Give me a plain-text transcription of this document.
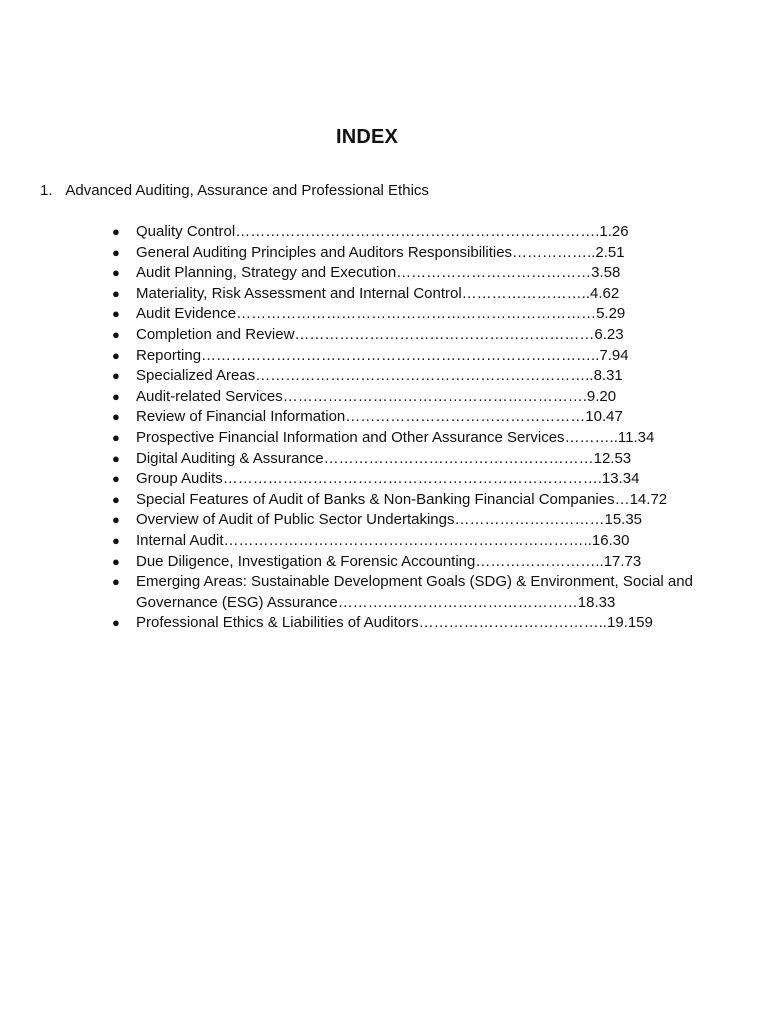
INDEX
1. Advanced Auditing, Assurance and Professional Ethics
● Quality Control……………………………………………………………….1.26
● General Auditing Principles and Auditors Responsibilities……………..2.51
● Audit Planning, Strategy and Execution…………………………………3.58
● Materiality, Risk Assessment and Internal Control……………………..4.62
● Audit Evidence………………………………………………………………5.29
● Completion and Review……………………………………………………6.23
● Reporting……………………………………………………………………..7.94
● Specialized Areas…………………………………………………………..8.31
● Audit-related Services…………………………………………………….9.20
● Review of Financial Information…………………………………………10.47
● Prospective Financial Information and Other Assurance Services………..11.34
● Digital Auditing & Assurance………………………………………………12.53
● Group Audits………………………………………………………………….13.34
● Special Features of Audit of Banks & Non-Banking Financial Companies…14.72
● Overview of Audit of Public Sector Undertakings…………………………15.35
● Internal Audit………………………………………………………………..16.30
● Due Diligence, Investigation & Forensic Accounting……………………..17.73
● Emerging Areas: Sustainable Development Goals (SDG) & Environment, Social and Governance (ESG) Assurance…………………………………………18.33
● Professional Ethics & Liabilities of Auditors………………………………..19.159
